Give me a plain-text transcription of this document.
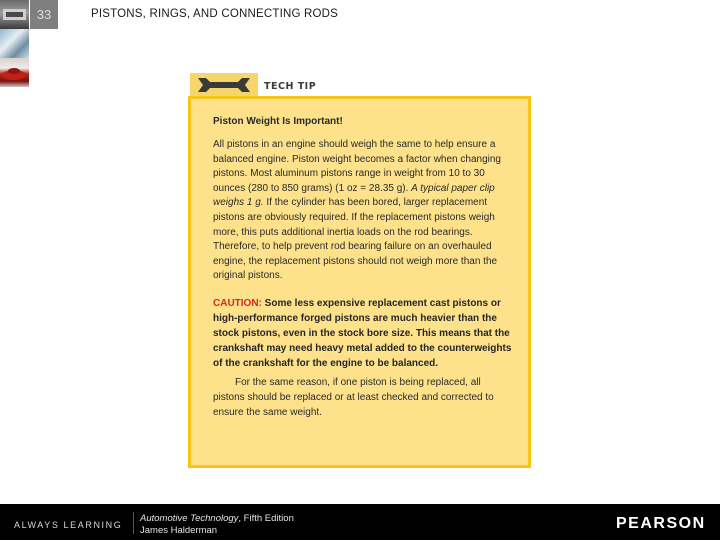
33	PISTONS, RINGS, AND CONNECTING RODS
TECH TIP
Piston Weight Is Important!
All pistons in an engine should weigh the same to help ensure a balanced engine. Piston weight becomes a factor when changing pistons. Most aluminum pistons range in weight from 10 to 30 ounces (280 to 850 grams) (1 oz = 28.35 g). A typical paper clip weighs 1 g. If the cylinder has been bored, larger replacement pistons are obviously required. If the replacement pistons weigh more, this puts additional inertia loads on the rod bearings. Therefore, to help prevent rod bearing failure on an overhauled engine, the replacement pistons should not weigh more than the original pistons.
CAUTION: Some less expensive replacement cast pistons or high-performance forged pistons are much heavier than the stock pistons, even in the stock bore size. This means that the crankshaft may need heavy metal added to the counterweights of the crankshaft for the engine to be balanced.
For the same reason, if one piston is being replaced, all pistons should be replaced or at least checked and corrected to ensure the same weight.
ALWAYS LEARNING
Automotive Technology, Fifth Edition
James Halderman	PEARSON
